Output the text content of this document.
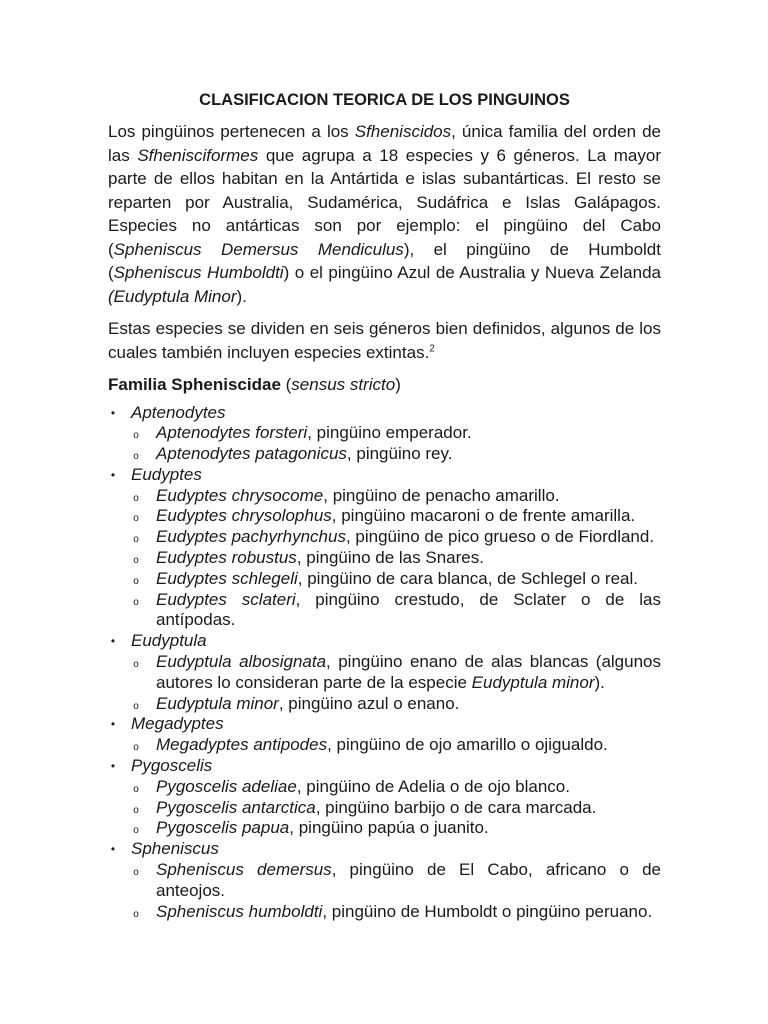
CLASIFICACION TEORICA DE LOS PINGUINOS

Los pingüinos pertenecen a los Sfheniscidos, única familia del orden de las Sfhenisciformes que agrupa a 18 especies y 6 géneros. La mayor parte de ellos habitan en la Antártida e islas subantárticas. El resto se reparten por Australia, Sudamérica, Sudáfrica e Islas Galápagos. Especies no antárticas son por ejemplo: el pingüino del Cabo (Spheniscus Demersus Mendiculus), el pingüino de Humboldt (Spheniscus Humboldti) o el pingüino Azul de Australia y Nueva Zelanda (Eudyptula Minor).

Estas especies se dividen en seis géneros bien definidos, algunos de los cuales también incluyen especies extintas.$^2$

Familia Spheniscidae (sensus stricto)
• Aptenodytes
o Aptenodytes forsteri, pingüino emperador.
o Aptenodytes patagonicus, pingüino rey.
• Eudyptes
o Eudyptes chrysocome, pingüino de penacho amarillo.
o Eudyptes chrysolophus, pingüino macaroni o de frente amarilla.
o Eudyptes pachyrhynchus, pingüino de pico grueso o de Fiordland.
o Eudyptes robustus, pingüino de las Snares.
o Eudyptes schlegeli, pingüino de cara blanca, de Schlegel o real.
o Eudyptes sclateri, pingüino crestudo, de Sclater o de las antípodas.
• Eudyptula
o Eudyptula albosignata, pingüino enano de alas blancas (algunos autores lo consideran parte de la especie Eudyptula minor).
o Eudyptula minor, pingüino azul o enano.
• Megadyptes
o Megadyptes antipodes, pingüino de ojo amarillo o ojigualdo.
• Pygoscelis
o Pygoscelis adeliae, pingüino de Adelia o de ojo blanco.
o Pygoscelis antarctica, pingüino barbijo o de cara marcada.
o Pygoscelis papua, pingüino papúa o juanito.
• Spheniscus
o Spheniscus demersus, pingüino de El Cabo, africano o de anteojos.
o Spheniscus humboldti, pingüino de Humboldt o pingüino peruano.
